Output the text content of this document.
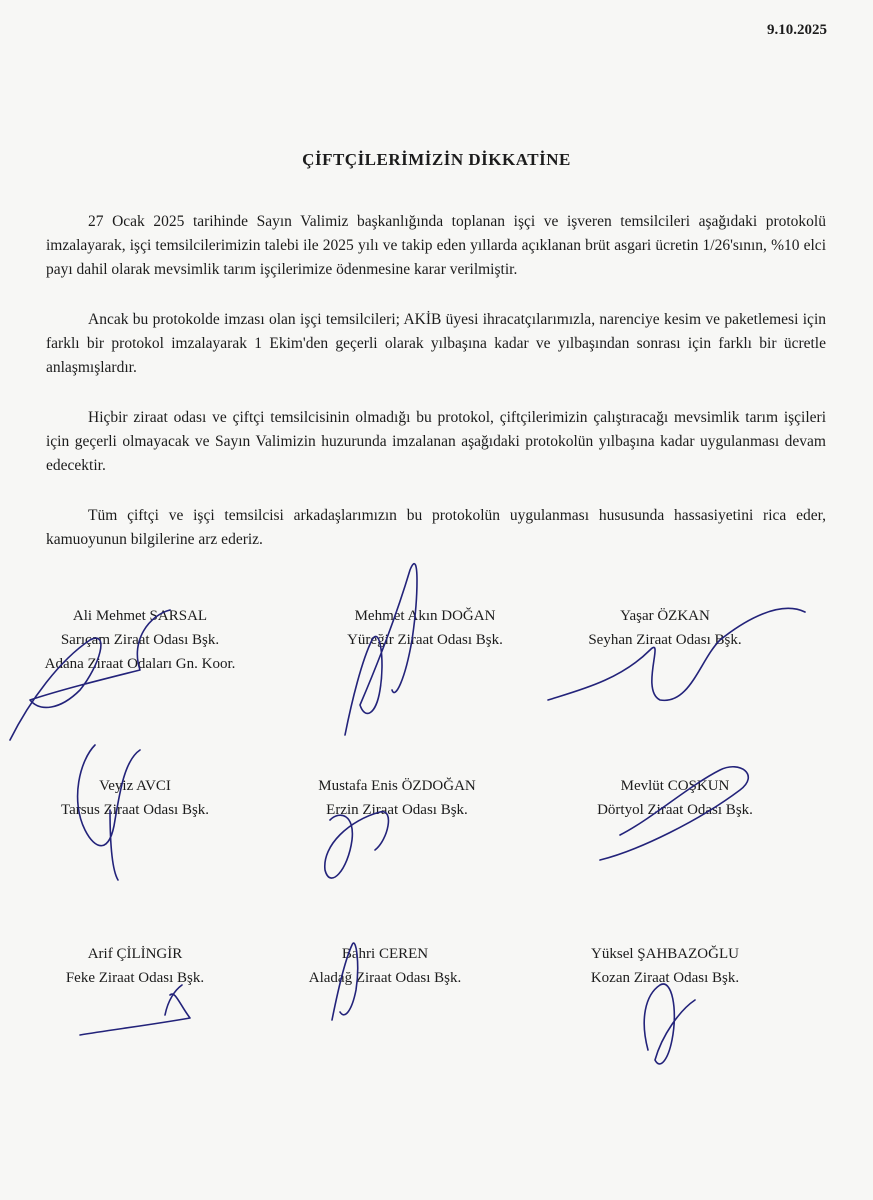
9.10.2025
ÇİFTÇİLERİMİZİN DİKKATİNE

27 Ocak 2025 tarihinde Sayın Valimiz başkanlığında toplanan işçi ve işveren temsilcileri aşağıdaki protokolü imzalayarak, işçi temsilcilerimizin talebi ile 2025 yılı ve takip eden yıllarda açıklanan brüt asgari ücretin 1/26'sının, %10 elci payı dahil olarak mevsimlik tarım işçilerimize ödenmesine karar verilmiştir.

Ancak bu protokolde imzası olan işçi temsilcileri; AKİB üyesi ihracatçılarımızla, narenciye kesim ve paketlemesi için farklı bir protokol imzalayarak 1 Ekim'den geçerli olarak yılbaşına kadar ve yılbaşından sonrası için farklı bir ücretle anlaşmışlardır.

Hiçbir ziraat odası ve çiftçi temsilcisinin olmadığı bu protokol, çiftçilerimizin çalıştıracağı mevsimlik tarım işçileri için geçerli olmayacak ve Sayın Valimizin huzurunda imzalanan aşağıdaki protokolün yılbaşına kadar uygulanması devam edecektir.

Tüm çiftçi ve işçi temsilcisi arkadaşlarımızın bu protokolün uygulanması hususunda hassasiyetini rica eder, kamuoyunun bilgilerine arz ederiz.

Ali Mehmet SARSAL
Sarıçam Ziraat Odası Bşk.
Adana Ziraat Odaları Gn. Koor.
Mehmet Akın DOĞAN
Yüreğir Ziraat Odası Bşk.
Yaşar ÖZKAN
Seyhan Ziraat Odası Bşk.
Veyiz AVCI
Tarsus Ziraat Odası Bşk.
Mustafa Enis ÖZDOĞAN
Erzin Ziraat Odası Bşk.
Mevlüt COŞKUN
Dörtyol Ziraat Odası Bşk.
Arif ÇİLİNGİR
Feke Ziraat Odası Bşk.
Bahri CEREN
Aladağ Ziraat Odası Bşk.
Yüksel ŞAHBAZOĞLU
Kozan Ziraat Odası Bşk.
